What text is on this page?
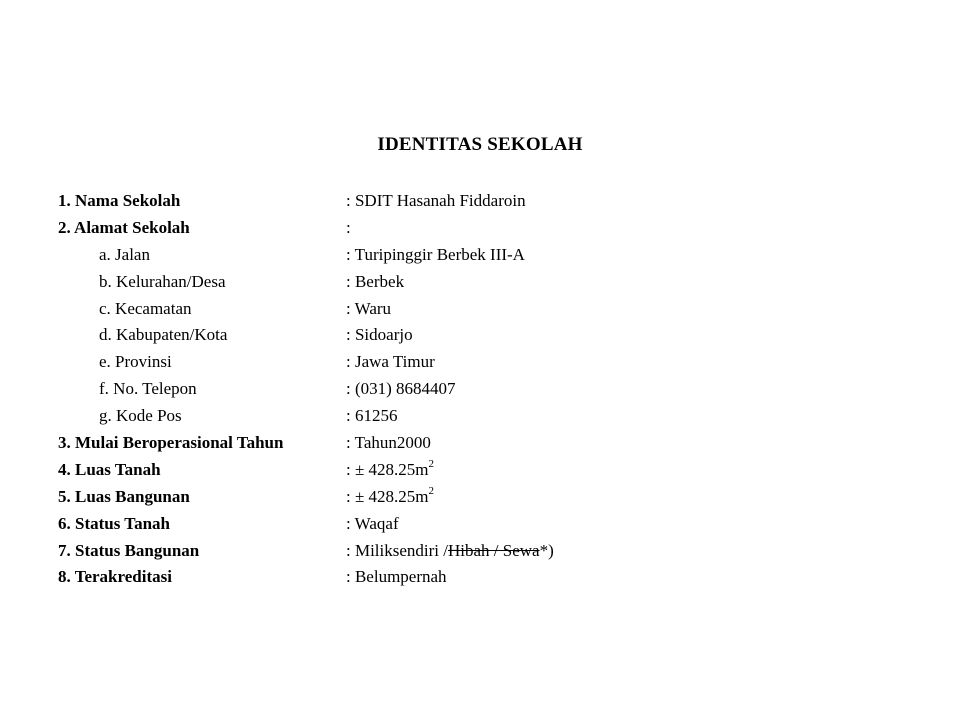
IDENTITAS SEKOLAH
1. Nama Sekolah	: SDIT Hasanah Fiddaroin
2. Alamat Sekolah	:
a. Jalan	: Turipinggir Berbek III-A
b. Kelurahan/Desa	: Berbek
c. Kecamatan	: Waru
d. Kabupaten/Kota	: Sidoarjo
e. Provinsi	: Jawa Timur
f. No. Telepon	: (031) 8684407
g. Kode Pos	: 61256
3. Mulai Beroperasional Tahun	: Tahun2000
4. Luas Tanah	: ± $428.25m^2$
5. Luas Bangunan	: ± $428.25m^2$
6. Status Tanah	: Waqaf
7. Status Bangunan	: Miliksendiri /Hibah / Sewa*)
8. Terakreditasi	: Belumpernah
